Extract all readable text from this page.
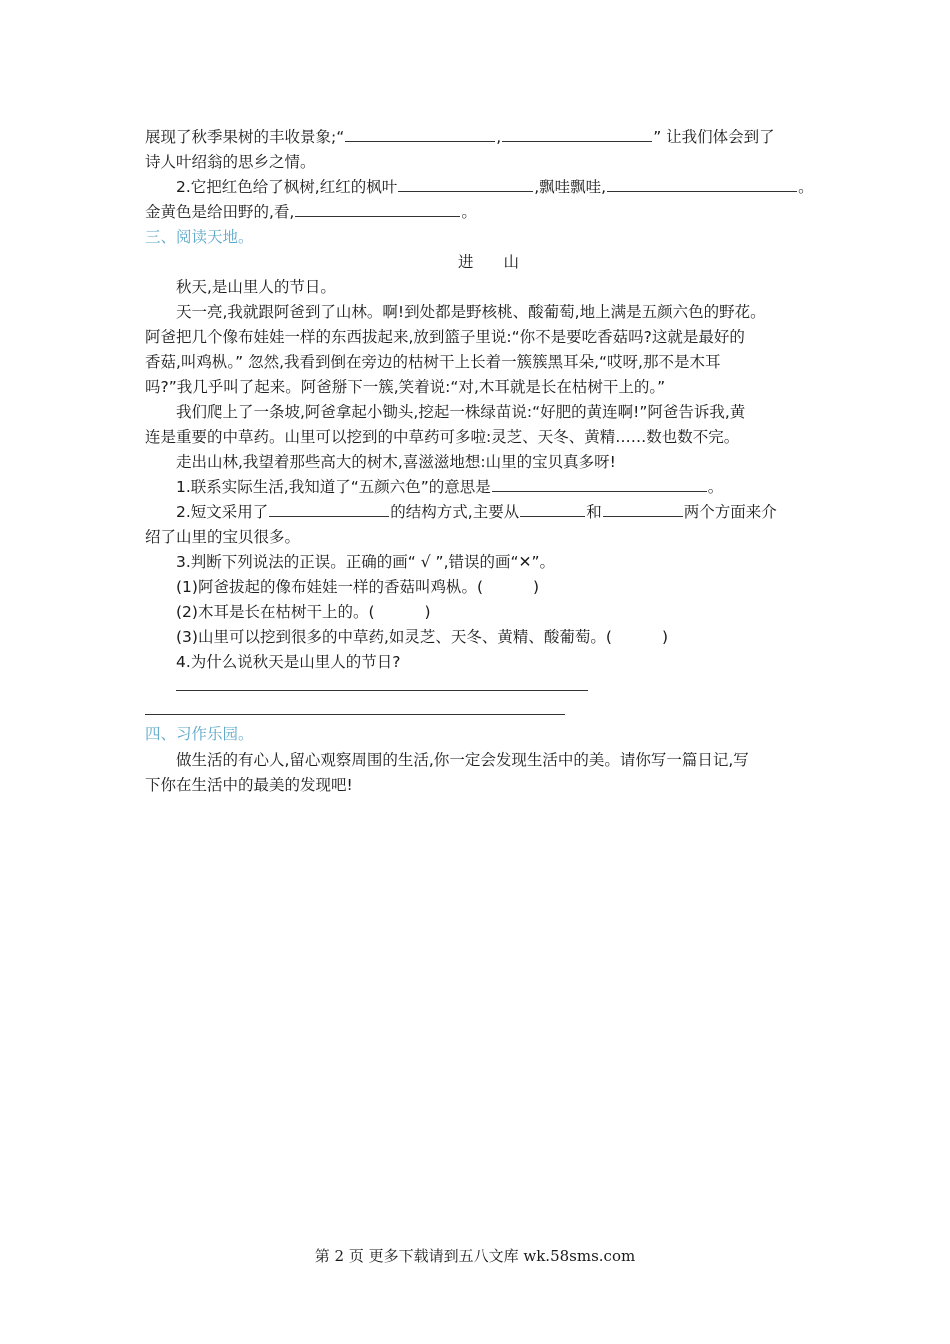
展现了秋季果树的丰收景象;“	,	” 让我们体会到了
诗人叶绍翁的思乡之情。
2.它把红色给了枫树,红红的枫叶	,飘哇飘哇,	。
金黄色是给田野的,看,	。
三、阅读天地。
进山
秋天,是山里人的节日。
天一亮,我就跟阿爸到了山林。啊!到处都是野核桃、酸葡萄,地上满是五颜六色的野花。
阿爸把几个像布娃娃一样的东西拔起来,放到篮子里说:“你不是要吃香菇吗?这就是最好的
香菇,叫鸡枞。” 忽然,我看到倒在旁边的枯树干上长着一簇簇黑耳朵,“哎呀,那不是木耳
吗?”我几乎叫了起来。阿爸掰下一簇,笑着说:“对,木耳就是长在枯树干上的。”
我们爬上了一条坡,阿爸拿起小锄头,挖起一株绿苗说:“好肥的黄连啊!”阿爸告诉我,黄
连是重要的中草药。山里可以挖到的中草药可多啦:灵芝、天冬、黄精……数也数不完。
走出山林,我望着那些高大的树木,喜滋滋地想:山里的宝贝真多呀!
1.联系实际生活,我知道了“五颜六色”的意思是	。
2.短文采用了	的结构方式,主要从	和	两个方面来介
绍了山里的宝贝很多。
3.判断下列说法的正误。正确的画“ √ ”,错误的画“✕”。
(1)阿爸拔起的像布娃娃一样的香菇叫鸡枞。(	)
(2)木耳是长在枯树干上的。(	)
(3)山里可以挖到很多的中草药,如灵芝、天冬、黄精、酸葡萄。(	)
4.为什么说秋天是山里人的节日?
四、习作乐园。
做生活的有心人,留心观察周围的生活,你一定会发现生活中的美。请你写一篇日记,写
下你在生活中的最美的发现吧!
第 2 页 更多下载请到五八文库 wk.58sms.com
